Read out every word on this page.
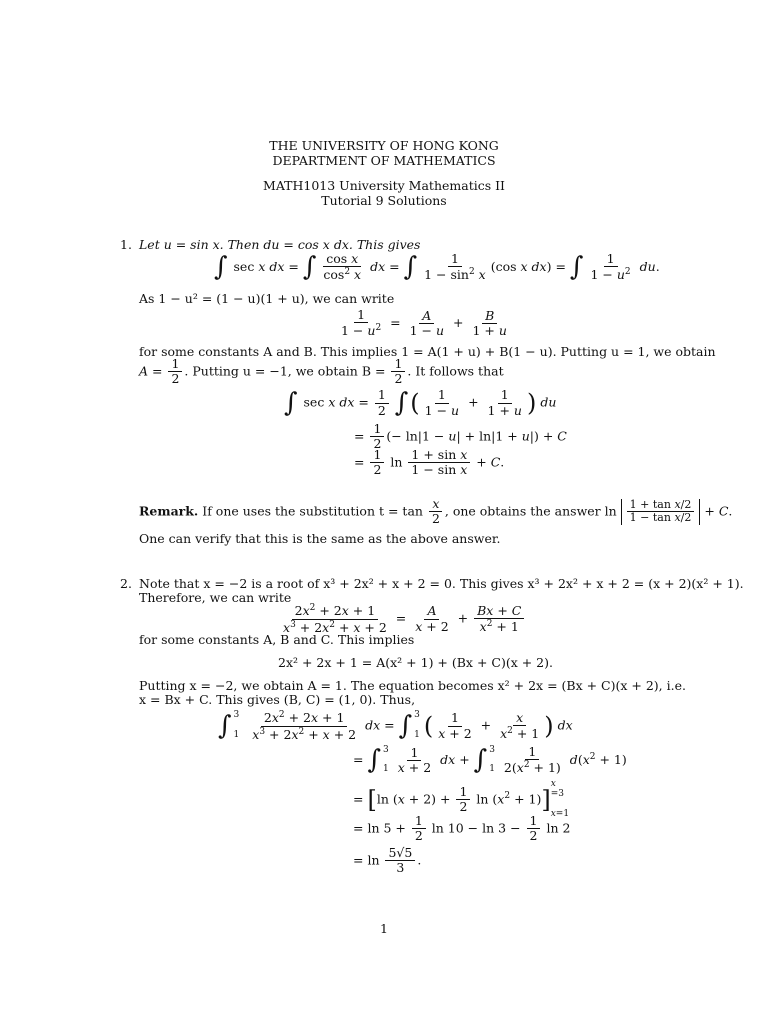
THE UNIVERSITY OF HONG KONG
DEPARTMENT OF MATHEMATICS
MATH1013 University Mathematics II
Tutorial 9 Solutions
1. Let u = sin x. Then du = cos x dx. This gives
∫ sec x dx = ∫ $\frac{\text{cos x}}{\cos^2 x}$ dx = ∫ $\frac{1}{1 - \sin^2 x} (\cos$ x dx) = ∫ $\frac{1}{1 - u^2}$ du.
As 1 − u² = (1 − u)(1 + u), we can write
$\frac{1}{1 - u^2} = \frac{A}{1 - u} + \frac{B}{1 + u}$
for some constants A and B. This implies 1 = A(1 + u) + B(1 − u). Putting u = 1, we obtain
$A = \frac{1}{2}$ . Putting u = −1, we obtain $B = \frac{1}{2}$ . It follows that
∫ sec x dx = $\frac{1}{2}$ ∫( $\frac{1}{1 - u} + \frac{1}{1 + u}$ ) du
= $\frac{1}{2}$ (− ln|1 − u| + ln|1 + u|) + C
= $\frac{1}{2}$ $\ln \frac{\text{1 + sin x}}{\text{1 − sin x}} + C$.
Remark. If one uses the substitution $t = \tan \frac{x}{2}$ , one obtains the answer $\ln \frac{\text{1 + tan x/2}}{\text{1 − tan x/2}} + C$.
One can verify that this is the same as the above answer.
2. Note that x = −2 is a root of x³ + 2x² + x + 2 = 0. This gives x³ + 2x² + x + 2 = (x + 2)(x² + 1).
Therefore, we can write
$\frac{2x^2 + 2x + 1}{x^3 + 2x^2 + x + 2} = \frac{A}{x + 2} + \frac{Bx + C}{x^2 + 1}$
for some constants A, B and C. This implies
2x² + 2x + 1 = A(x² + 1) + (Bx + C)(x + 2).
Putting x = −2, we obtain A = 1. The equation becomes x² + 2x = (Bx + C)(x + 2), i.e.
x = Bx + C. This gives (B, C) = (1, 0). Thus,
∫ 3
1
$\frac{2x^2 + 2x + 1}{x^3 + 2x^2 + x + 2}$ dx = ∫ 3
1 ( $\frac{1}{x + 2} + \frac{x}{x^2 + 1}$ ) dx
= ∫ 3
$1 \frac{1}{x + 2}$ dx + ∫ 3
$1 \frac{1}{2(x^2 + 1)} d(x^2 + 1)$
= [ln $(x + 2) + \frac{1}{2}$ $\ln (x^2 + 1)$]
x
=3
x=1
= $\ln 5 + \frac{1}{2}$ $\ln 10 - \ln 3 - \frac{1}{2}$ ln 2
= $\ln \frac{5√5}{3}$ .
1
